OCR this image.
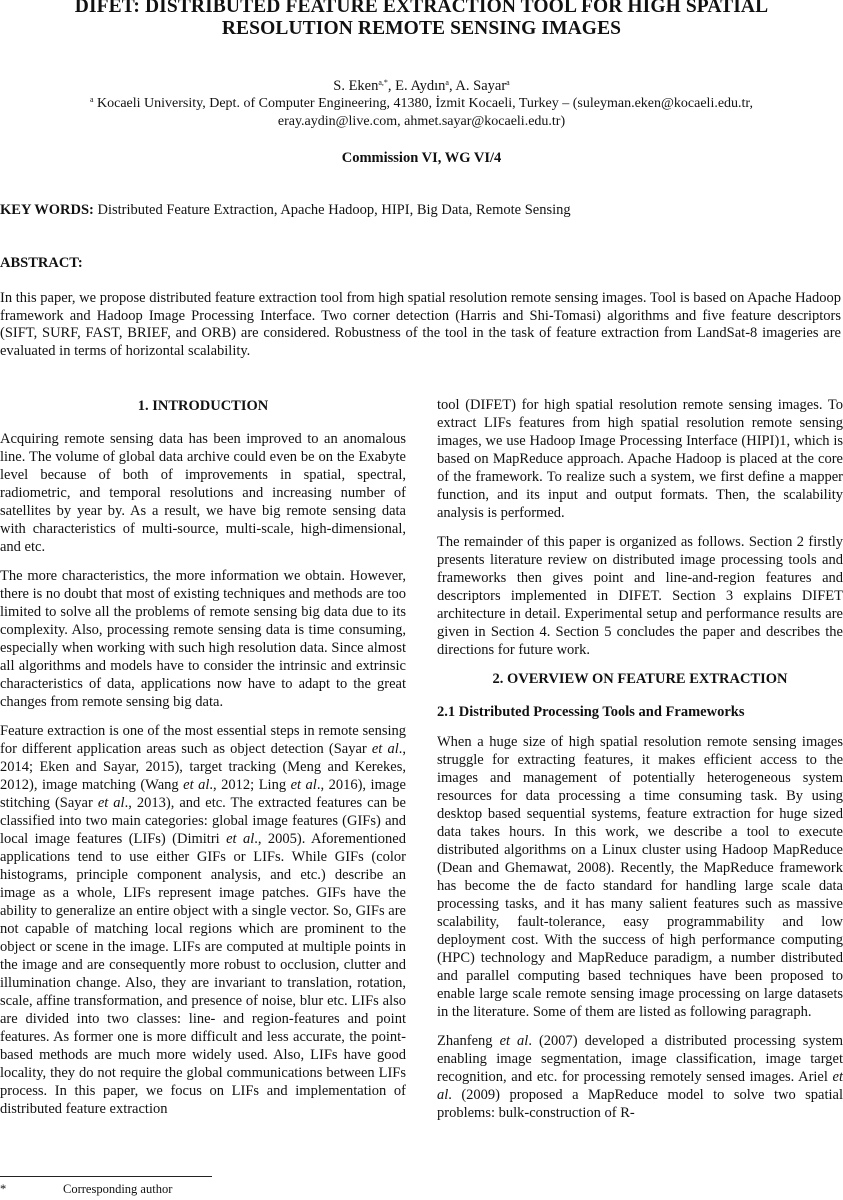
DIFET: DISTRIBUTED FEATURE EXTRACTION TOOL FOR HIGH SPATIAL
RESOLUTION REMOTE SENSING IMAGES
S. Eken$^{a,*}$, E. Aydın$^a$, A. Sayar$^a$
$^a$ Kocaeli University, Dept. of Computer Engineering, 41380, İzmit Kocaeli, Turkey – (suleyman.eken@kocaeli.edu.tr,
eray.aydin@live.com, ahmet.sayar@kocaeli.edu.tr)
Commission VI, WG VI/4
KEY WORDS: Distributed Feature Extraction, Apache Hadoop, HIPI, Big Data, Remote Sensing
ABSTRACT:

In this paper, we propose distributed feature extraction tool from high spatial resolution remote sensing images. Tool is based on Apache Hadoop framework and Hadoop Image Processing Interface. Two corner detection (Harris and Shi-Tomasi) algorithms and five feature descriptors (SIFT, SURF, FAST, BRIEF, and ORB) are considered. Robustness of the tool in the task of feature extraction from LandSat-8 imageries are evaluated in terms of horizontal scalability.

1. INTRODUCTION

Acquiring remote sensing data has been improved to an anomalous line. The volume of global data archive could even be on the Exabyte level because of both of improvements in spatial, spectral, radiometric, and temporal resolutions and increasing number of satellites by year by. As a result, we have big remote sensing data with characteristics of multi-source, multi-scale, high-dimensional, and etc.

The more characteristics, the more information we obtain. However, there is no doubt that most of existing techniques and methods are too limited to solve all the problems of remote sensing big data due to its complexity. Also, processing remote sensing data is time consuming, especially when working with such high resolution data. Since almost all algorithms and models have to consider the intrinsic and extrinsic characteristics of data, applications now have to adapt to the great changes from remote sensing big data.

Feature extraction is one of the most essential steps in remote sensing for different application areas such as object detection (Sayar et al., 2014; Eken and Sayar, 2015), target tracking (Meng and Kerekes, 2012), image matching (Wang et al., 2012; Ling et al., 2016), image stitching (Sayar et al., 2013), and etc. The extracted features can be classified into two main categories: global image features (GIFs) and local image features (LIFs) (Dimitri et al., 2005). Aforementioned applications tend to use either GIFs or LIFs. While GIFs (color histograms, principle component analysis, and etc.) describe an image as a whole, LIFs represent image patches. GIFs have the ability to generalize an entire object with a single vector. So, GIFs are not capable of matching local regions which are prominent to the object or scene in the image. LIFs are computed at multiple points in the image and are consequently more robust to occlusion, clutter and illumination change. Also, they are invariant to translation, rotation, scale, affine transformation, and presence of noise, blur etc. LIFs also are divided into two classes: line- and region-features and point features. As former one is more difficult and less accurate, the point-based methods are much more widely used. Also, LIFs have good locality, they do not require the global communications between LIFs process. In this paper, we focus on LIFs and implementation of distributed feature extraction

tool (DIFET) for high spatial resolution remote sensing images. To extract LIFs features from high spatial resolution remote sensing images, we use Hadoop Image Processing Interface (HIPI)1, which is based on MapReduce approach. Apache Hadoop is placed at the core of the framework. To realize such a system, we first define a mapper function, and its input and output formats. Then, the scalability analysis is performed.

The remainder of this paper is organized as follows. Section 2 firstly presents literature review on distributed image processing tools and frameworks then gives point and line-and-region features and descriptors implemented in DIFET. Section 3 explains DIFET architecture in detail. Experimental setup and performance results are given in Section 4. Section 5 concludes the paper and describes the directions for future work.

2. OVERVIEW ON FEATURE EXTRACTION
2.1 Distributed Processing Tools and Frameworks

When a huge size of high spatial resolution remote sensing images struggle for extracting features, it makes efficient access to the images and management of potentially heterogeneous system resources for data processing a time consuming task. By using desktop based sequential systems, feature extraction for huge sized data takes hours. In this work, we describe a tool to execute distributed algorithms on a Linux cluster using Hadoop MapReduce (Dean and Ghemawat, 2008). Recently, the MapReduce framework has become the de facto standard for handling large scale data processing tasks, and it has many salient features such as massive scalability, fault-tolerance, easy programmability and low deployment cost. With the success of high performance computing (HPC) technology and MapReduce paradigm, a number distributed and parallel computing based techniques have been proposed to enable large scale remote sensing image processing on large datasets in the literature. Some of them are listed as following paragraph.

Zhanfeng et al. (2007) developed a distributed processing system enabling image segmentation, image classification, image target recognition, and etc. for processing remotely sensed images. Ariel et al. (2009) proposed a MapReduce model to solve two spatial problems: bulk-construction of R-

*	Corresponding author
